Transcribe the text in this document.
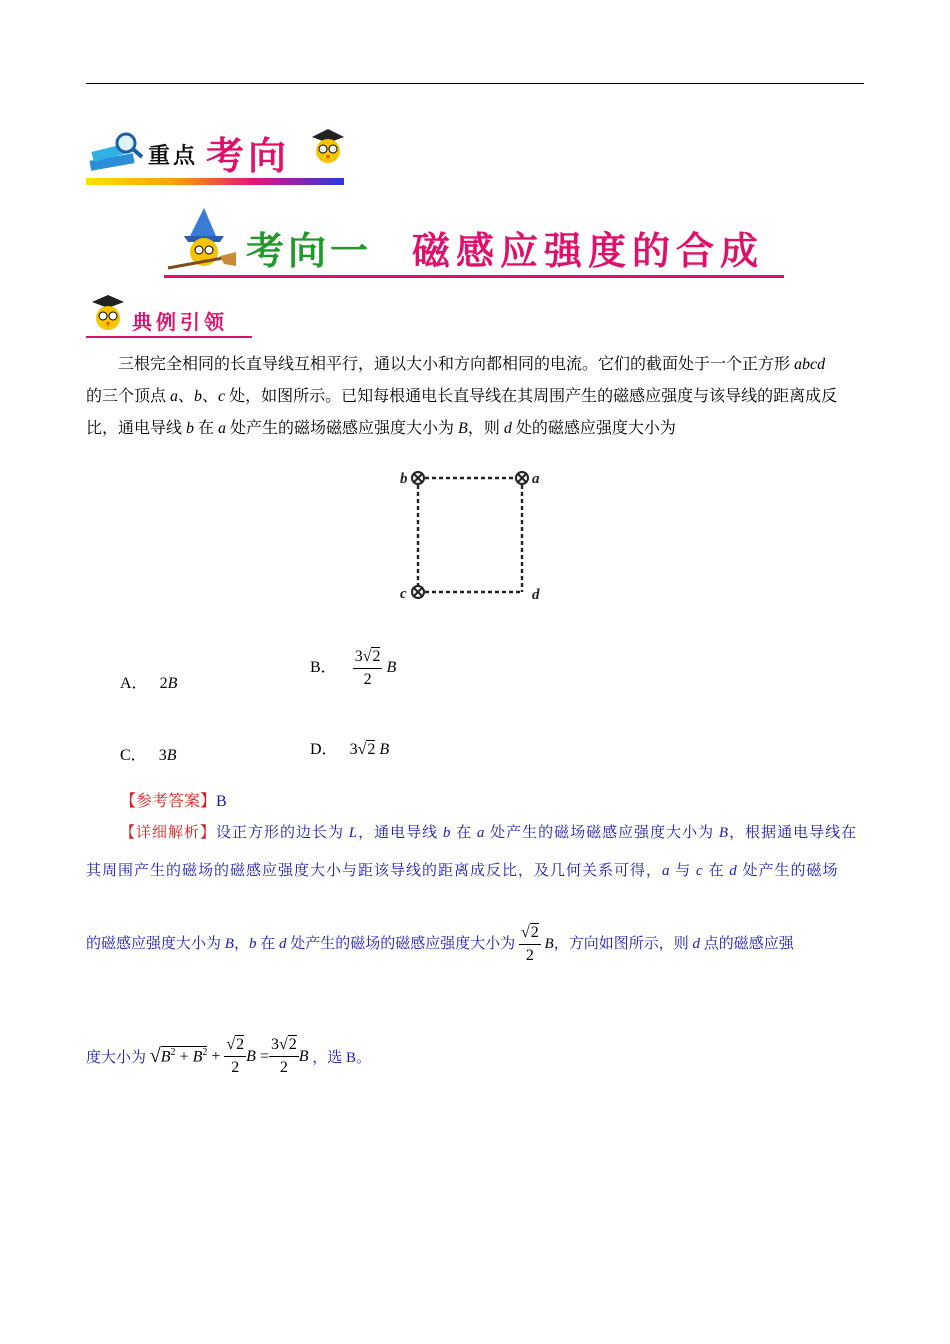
重点 考向
考向一 磁感应强度的合成
典例引领

三根完全相同的长直导线互相平行，通以大小和方向都相同的电流。它们的截面处于一个正方形 abcd

的三个顶点 a、b、c 处，如图所示。已知每根通电长直导线在其周围产生的磁感应强度与该导线的距离成反

比，通电导线 b 在 a 处产生的磁场磁感应强度大小为 B，则 d 处的磁感应强度大小为

b	a
c	d
A． 2B
B． $\frac{3√2}{2}$ B
C． 3B	D． 3√2 B
【参考答案】B
【详细解析】设正方形的边长为 L，通电导线 b 在 a 处产生的磁场磁感应强度大小为 B，根据通电导线在
其周围产生的磁场的磁感应强度大小与距该导线的距离成反比，及几何关系可得，a 与 c 在 d 处产生的磁场
的磁感应强度大小为 B，b 在 d 处产生的磁场的磁感应强度大小为 $\frac{√2}{2}$ B，方向如图所示，则 d 点的磁感应强
度大小为 √ $B^2 + B^2$
+
$\frac{√2}{2}$ B
= $\frac{3√2}{2}$ B ，选 B。
